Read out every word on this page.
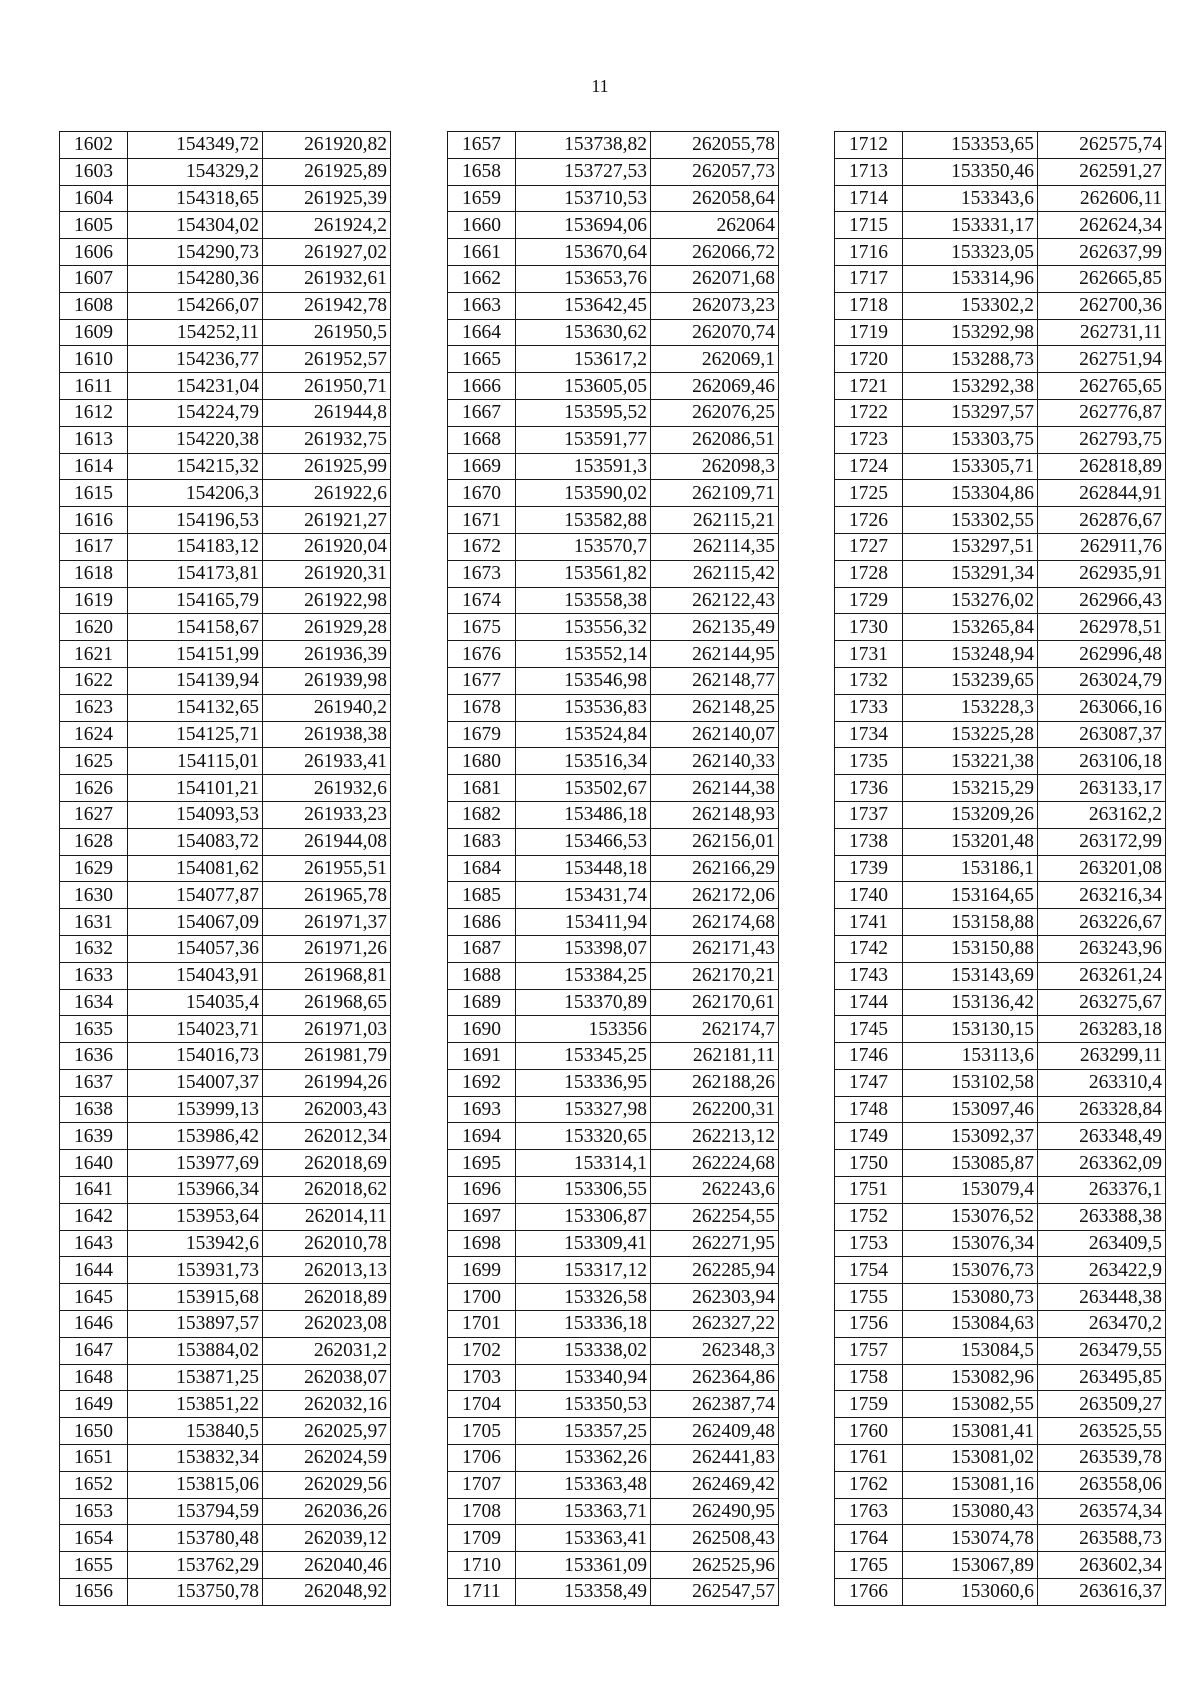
11
1602	154349,72	261920,82
1603	154329,2	261925,89
1604	154318,65	261925,39
1605	154304,02	261924,2
1606	154290,73	261927,02
1607	154280,36	261932,61
1608	154266,07	261942,78
1609	154252,11	261950,5
1610	154236,77	261952,57
1611	154231,04	261950,71
1612	154224,79	261944,8
1613	154220,38	261932,75
1614	154215,32	261925,99
1615	154206,3	261922,6
1616	154196,53	261921,27
1617	154183,12	261920,04
1618	154173,81	261920,31
1619	154165,79	261922,98
1620	154158,67	261929,28
1621	154151,99	261936,39
1622	154139,94	261939,98
1623	154132,65	261940,2
1624	154125,71	261938,38
1625	154115,01	261933,41
1626	154101,21	261932,6
1627	154093,53	261933,23
1628	154083,72	261944,08
1629	154081,62	261955,51
1630	154077,87	261965,78
1631	154067,09	261971,37
1632	154057,36	261971,26
1633	154043,91	261968,81
1634	154035,4	261968,65
1635	154023,71	261971,03
1636	154016,73	261981,79
1637	154007,37	261994,26
1638	153999,13	262003,43
1639	153986,42	262012,34
1640	153977,69	262018,69
1641	153966,34	262018,62
1642	153953,64	262014,11
1643	153942,6	262010,78
1644	153931,73	262013,13
1645	153915,68	262018,89
1646	153897,57	262023,08
1647	153884,02	262031,2
1648	153871,25	262038,07
1649	153851,22	262032,16
1650	153840,5	262025,97
1651	153832,34	262024,59
1652	153815,06	262029,56
1653	153794,59	262036,26
1654	153780,48	262039,12
1655	153762,29	262040,46
1656	153750,78	262048,92
1657	153738,82	262055,78
1658	153727,53	262057,73
1659	153710,53	262058,64
1660	153694,06	262064
1661	153670,64	262066,72
1662	153653,76	262071,68
1663	153642,45	262073,23
1664	153630,62	262070,74
1665	153617,2	262069,1
1666	153605,05	262069,46
1667	153595,52	262076,25
1668	153591,77	262086,51
1669	153591,3	262098,3
1670	153590,02	262109,71
1671	153582,88	262115,21
1672	153570,7	262114,35
1673	153561,82	262115,42
1674	153558,38	262122,43
1675	153556,32	262135,49
1676	153552,14	262144,95
1677	153546,98	262148,77
1678	153536,83	262148,25
1679	153524,84	262140,07
1680	153516,34	262140,33
1681	153502,67	262144,38
1682	153486,18	262148,93
1683	153466,53	262156,01
1684	153448,18	262166,29
1685	153431,74	262172,06
1686	153411,94	262174,68
1687	153398,07	262171,43
1688	153384,25	262170,21
1689	153370,89	262170,61
1690	153356	262174,7
1691	153345,25	262181,11
1692	153336,95	262188,26
1693	153327,98	262200,31
1694	153320,65	262213,12
1695	153314,1	262224,68
1696	153306,55	262243,6
1697	153306,87	262254,55
1698	153309,41	262271,95
1699	153317,12	262285,94
1700	153326,58	262303,94
1701	153336,18	262327,22
1702	153338,02	262348,3
1703	153340,94	262364,86
1704	153350,53	262387,74
1705	153357,25	262409,48
1706	153362,26	262441,83
1707	153363,48	262469,42
1708	153363,71	262490,95
1709	153363,41	262508,43
1710	153361,09	262525,96
1711	153358,49	262547,57
1712	153353,65	262575,74
1713	153350,46	262591,27
1714	153343,6	262606,11
1715	153331,17	262624,34
1716	153323,05	262637,99
1717	153314,96	262665,85
1718	153302,2	262700,36
1719	153292,98	262731,11
1720	153288,73	262751,94
1721	153292,38	262765,65
1722	153297,57	262776,87
1723	153303,75	262793,75
1724	153305,71	262818,89
1725	153304,86	262844,91
1726	153302,55	262876,67
1727	153297,51	262911,76
1728	153291,34	262935,91
1729	153276,02	262966,43
1730	153265,84	262978,51
1731	153248,94	262996,48
1732	153239,65	263024,79
1733	153228,3	263066,16
1734	153225,28	263087,37
1735	153221,38	263106,18
1736	153215,29	263133,17
1737	153209,26	263162,2
1738	153201,48	263172,99
1739	153186,1	263201,08
1740	153164,65	263216,34
1741	153158,88	263226,67
1742	153150,88	263243,96
1743	153143,69	263261,24
1744	153136,42	263275,67
1745	153130,15	263283,18
1746	153113,6	263299,11
1747	153102,58	263310,4
1748	153097,46	263328,84
1749	153092,37	263348,49
1750	153085,87	263362,09
1751	153079,4	263376,1
1752	153076,52	263388,38
1753	153076,34	263409,5
1754	153076,73	263422,9
1755	153080,73	263448,38
1756	153084,63	263470,2
1757	153084,5	263479,55
1758	153082,96	263495,85
1759	153082,55	263509,27
1760	153081,41	263525,55
1761	153081,02	263539,78
1762	153081,16	263558,06
1763	153080,43	263574,34
1764	153074,78	263588,73
1765	153067,89	263602,34
1766	153060,6	263616,37
